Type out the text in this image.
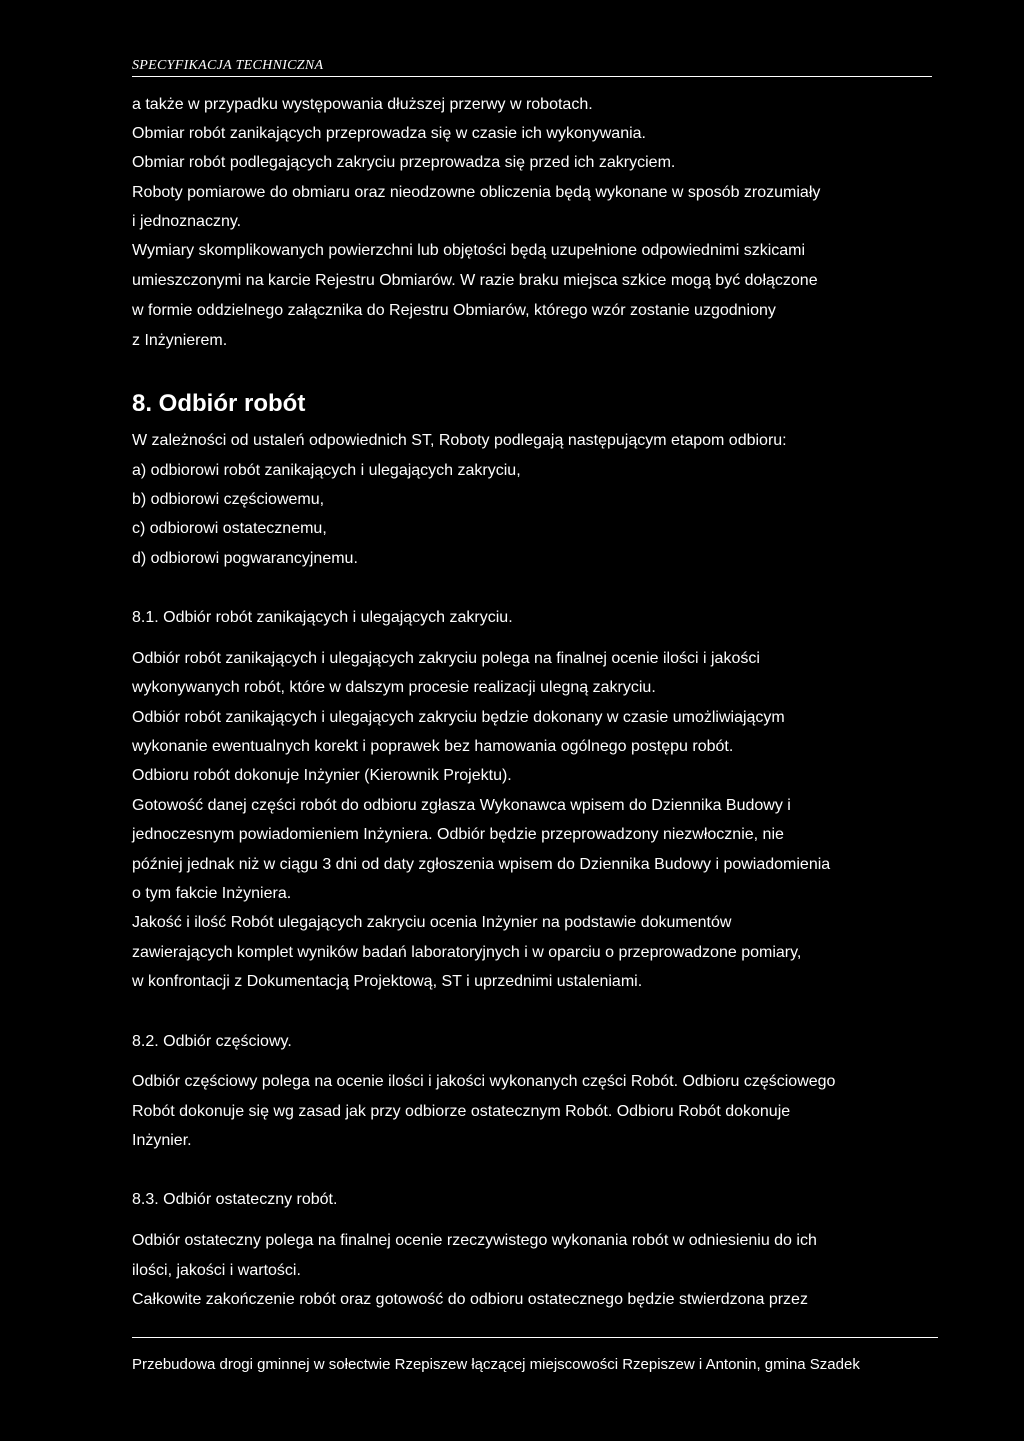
SPECYFIKACJA TECHNICZNA
a także w przypadku występowania dłuższej przerwy w robotach.
Obmiar robót zanikających przeprowadza się w czasie ich wykonywania.
Obmiar robót podlegających zakryciu przeprowadza się przed ich zakryciem.
Roboty pomiarowe do obmiaru oraz nieodzowne obliczenia będą wykonane w sposób zrozumiały
i jednoznaczny.
Wymiary skomplikowanych powierzchni lub objętości będą uzupełnione odpowiednimi szkicami
umieszczonymi na karcie Rejestru Obmiarów. W razie braku miejsca szkice mogą być dołączone
w formie oddzielnego załącznika do Rejestru Obmiarów, którego wzór zostanie uzgodniony
z Inżynierem.
8. Odbiór robót
W zależności od ustaleń odpowiednich ST, Roboty podlegają następującym etapom odbioru:
a) odbiorowi robót zanikających i ulegających zakryciu,
b) odbiorowi częściowemu,
c) odbiorowi ostatecznemu,
d) odbiorowi pogwarancyjnemu.
8.1. Odbiór robót zanikających i ulegających zakryciu.
Odbiór robót zanikających i ulegających zakryciu polega na finalnej ocenie ilości i jakości
wykonywanych robót, które w dalszym procesie realizacji ulegną zakryciu.
Odbiór robót zanikających i ulegających zakryciu będzie dokonany w czasie umożliwiającym
wykonanie ewentualnych korekt i poprawek bez hamowania ogólnego postępu robót.
Odbioru robót dokonuje Inżynier (Kierownik Projektu).
Gotowość danej części robót do odbioru zgłasza Wykonawca wpisem do Dziennika Budowy i
jednoczesnym powiadomieniem Inżyniera. Odbiór będzie przeprowadzony niezwłocznie, nie
później jednak niż w ciągu 3 dni od daty zgłoszenia wpisem do Dziennika Budowy i powiadomienia
o tym fakcie Inżyniera.
Jakość i ilość Robót ulegających zakryciu ocenia Inżynier na podstawie dokumentów
zawierających komplet wyników badań laboratoryjnych i w oparciu o przeprowadzone pomiary,
w konfrontacji z Dokumentacją Projektową, ST i uprzednimi ustaleniami.
8.2. Odbiór częściowy.
Odbiór częściowy polega na ocenie ilości i jakości wykonanych części Robót. Odbioru częściowego
Robót dokonuje się wg zasad jak przy odbiorze ostatecznym Robót. Odbioru Robót dokonuje
Inżynier.
8.3. Odbiór ostateczny robót.
Odbiór ostateczny polega na finalnej ocenie rzeczywistego wykonania robót w odniesieniu do ich
ilości, jakości i wartości.
Całkowite zakończenie robót oraz gotowość do odbioru ostatecznego będzie stwierdzona przez
Przebudowa drogi gminnej w sołectwie Rzepiszew łączącej miejscowości Rzepiszew i Antonin, gmina Szadek
